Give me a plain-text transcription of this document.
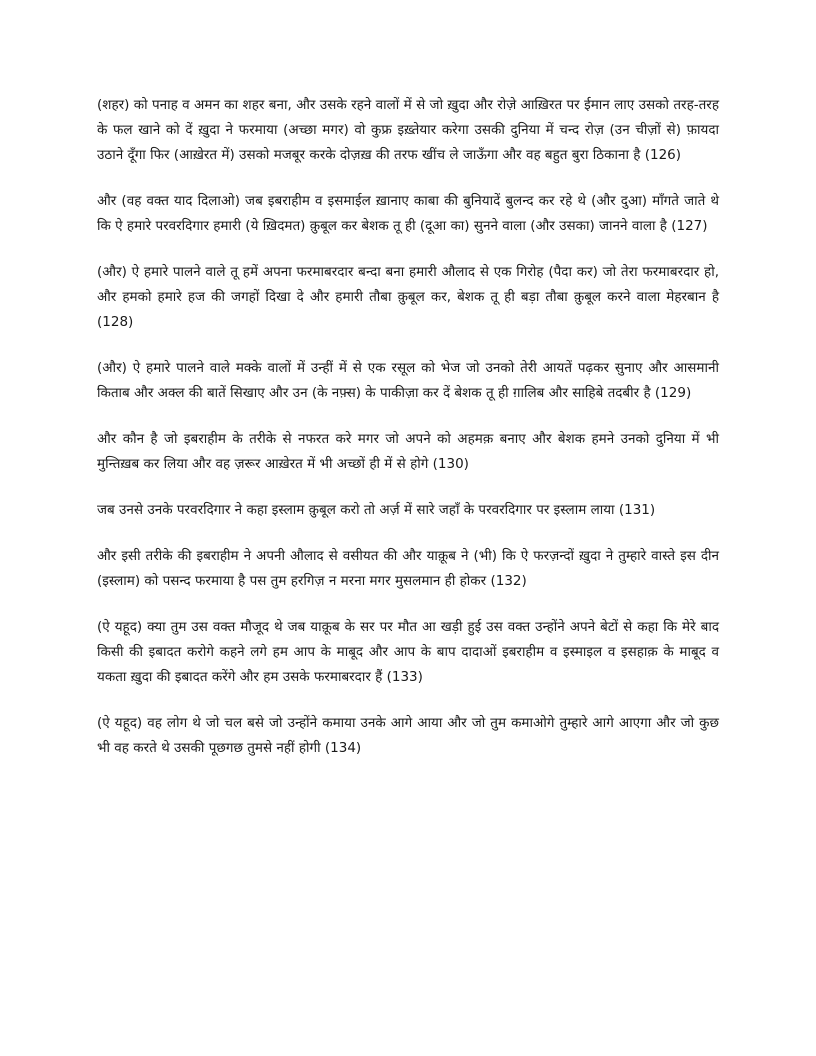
(शहर) को पनाह व अमन का शहर बना, और उसके रहने वालों में से जो ख़ुदा और रोज़े आख़िरत पर ईमान लाए उसको तरह-तरह के फल खाने को दें ख़ुदा ने फरमाया (अच्छा मगर) वो कुफ्र इख़्तेयार करेगा उसकी दुनिया में चन्द रोज़ (उन चीज़ों से) फ़ायदा उठाने दूँगा फिर (आख़ेरत में) उसको मजबूर करके दोज़ख़ की तरफ खींच ले जाऊँगा और वह बहुत बुरा ठिकाना है (126)

और (वह वक्त याद दिलाओ) जब इबराहीम व इसमाईल ख़ानाए काबा की बुनियादें बुलन्द कर रहे थे (और दुआ) माँगते जाते थे कि ऐ हमारे परवरदिगार हमारी (ये ख़िदमत) क़ुबूल कर बेशक तू ही (दूआ का) सुनने वाला (और उसका) जानने वाला है (127)

(और) ऐ हमारे पालने वाले तू हमें अपना फरमाबरदार बन्दा बना हमारी औलाद से एक गिरोह (पैदा कर) जो तेरा फरमाबरदार हो, और हमको हमारे हज की जगहों दिखा दे और हमारी तौबा क़ुबूल कर, बेशक तू ही बड़ा तौबा क़ुबूल करने वाला मेहरबान है (128)

(और) ऐ हमारे पालने वाले मक्के वालों में उन्हीं में से एक रसूल को भेज जो उनको तेरी आयतें पढ़कर सुनाए और आसमानी किताब और अक्ल की बातें सिखाए और उन (के नफ़्स) के पाकीज़ा कर दें बेशक तू ही ग़ालिब और साहिबे तदबीर है (129)

और कौन है जो इबराहीम के तरीके से नफरत करे मगर जो अपने को अहमक़ बनाए और बेशक हमने उनको दुनिया में भी मुन्तिख़ब कर लिया और वह ज़रूर आख़ेरत में भी अच्छों ही में से होगे (130)

जब उनसे उनके परवरदिगार ने कहा इस्लाम क़ुबूल करो तो अर्ज़ में सारे जहाँ के परवरदिगार पर इस्लाम लाया (131)

और इसी तरीके की इबराहीम ने अपनी औलाद से वसीयत की और याक़ूब ने (भी) कि ऐ फरज़न्दों ख़ुदा ने तुम्हारे वास्ते इस दीन (इस्लाम) को पसन्द फरमाया है पस तुम हरगिज़ न मरना मगर मुसलमान ही होकर (132)

(ऐ यहूद) क्या तुम उस वक्त मौजूद थे जब याक़ूब के सर पर मौत आ खड़ी हुई उस वक्त उन्होंने अपने बेटों से कहा कि मेरे बाद किसी की इबादत करोगे कहने लगे हम आप के माबूद और आप के बाप दादाओं इबराहीम व इस्माइल व इसहाक़ के माबूद व यकता ख़ुदा की इबादत करेंगे और हम उसके फरमाबरदार हैं (133)

(ऐ यहूद) वह लोग थे जो चल बसे जो उन्होंने कमाया उनके आगे आया और जो तुम कमाओगे तुम्हारे आगे आएगा और जो कुछ भी वह करते थे उसकी पूछगछ तुमसे नहीं होगी (134)
